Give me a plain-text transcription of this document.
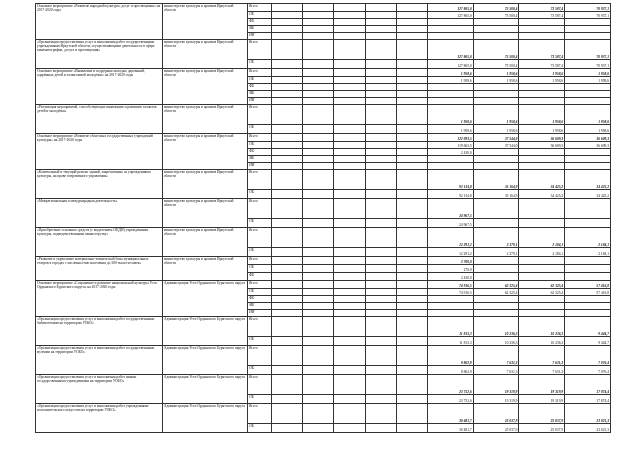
Основное мероприятие «Развитие народной культуры, досуг и просвещения» на 2017-2020 годы	министерство культуры и архивов Иркутской области	Всего						127 865,0	75 500,4	73 587,4	70 937,1
		ОБ						127 865,0	75 500,4	73 587,4	70 937,1
		ФБ									
		МБ									
		ИИ									
«Организация предоставления услуг и выполнения работ государственными учреждениями Иркутской области, осуществляющими деятельность в сфере кинематографии, досуга и просвещения»	министерство культуры и архивов Иркутской области	Всего						127 865,0	75 500,4	73 587,4	70 937,1
		ОБ						127 865,0	75 500,4	73 587,4	70 937,1
Основное мероприятие «Выявление и поддержка молодых дарований, одарённых детей и талантливой молодёжи» на 2017-2020 годы	министерство культуры и архивов Иркутской области	Всего						1 958,6	1 958,6	1 958,6	1 958,6
		ОБ						1 958,6	1 958,6	1 958,6	1 958,6
		ФБ									
		МБ									
		ИИ									
«Реализация мероприятий, способствующих выявлению и развитию талантов детей и молодёжи»	министерство культуры и архивов Иркутской области	Всего						1 958,6	1 958,6	1 958,6	1 958,6
		ОБ						1 958,6	1 958,6	1 958,6	1 958,6
Основное мероприятие «Развитие областных государственных учреждений культуры» на 2017-2020 годы	министерство культуры и архивов Иркутской области	Всего						122 093,5	37 544,0	36 609,3	36 609,3
		ОБ						119 663,5	37 544,0	36 609,3	36 609,3
		ФБ						2 430,0			
		МБ									
		ИИ									
«Капитальный и текущий ремонт зданий, закрепленных за учреждениями культуры, на праве оперативного управления»	министерство культуры и архивов Иркутской области	Всего						92 134,8	35 164,9	34 425,2	34 425,2
		ОБ						92 134,8	35 164,9	34 425,2	34 425,2
«Межрегиональная и международная деятельность»	министерство культуры и архивов Иркутской области	Всего						24 967,5			
		ОБ						24 967,5			
«Приобретение основных средств (с выделением ОЦДИ) учреждениями культуры, подведомственными министерству»	министерство культуры и архивов Иркутской области	Всего						12 291,2	2 379,1	2 184,1	2 184,1
		ОБ						12 291,2	2 379,1	2 184,1	2 184,1
«Развитие и укрепление материально-технической базы муниципальных театров в городах с численностью населения до 300 тысяч человек»	министерство культуры и архивов Иркутской области	Всего						2 700,0			
		ОБ						270,0			
		ФБ						2 430,0			
Основное мероприятие «Сохранение и развитие национальной культуры Усть-Ордынского Бурятского округа» на 2017-2020 годы	Администрация Усть-Ордынского Бурятского округа	Всего						74 916,5	62 325,4	62 325,4	57 416,8
		ОБ						74 916,5	62 325,4	62 325,4	57 416,8
		ФБ									
		МБ									
		ИИ									
«Организация предоставления услуг и выполнения работ государственными библиотеками на территории УОБО»	Администрация Усть-Ордынского Бурятского округа	Всего						11 813,3	10 236,3	10 236,3	9 444,7
		ОБ						11 813,3	10 236,3	10 236,3	9 444,7
«Организация предоставления услуг и выполнения работ государственными музеями на территории УОБО»	Администрация Усть-Ордынского Бурятского округа	Всего						8 862,9	7 631,3	7 631,3	7 076,4
		ОБ						8 862,9	7 631,3	7 631,3	7 076,4
«Организация предоставления услуг и выполнения работ иными государственными учреждениями на территории УОБО»	Администрация Усть-Ордынского Бурятского округа	Всего						23 752,6	19 319,9	19 319,9	17 874,4
		ОБ						23 752,6	19 319,9	19 319,9	17 874,4
«Организация предоставления услуг и выполнения работ учреждениями исполнительского искусства на территории УОБО»	Администрация Усть-Ордынского Бурятского округа	Всего						30 481,7	25 037,9	25 037,9	23 021,3
		ОБ						30 481,7	25 037,9	25 037,9	23 021,3
